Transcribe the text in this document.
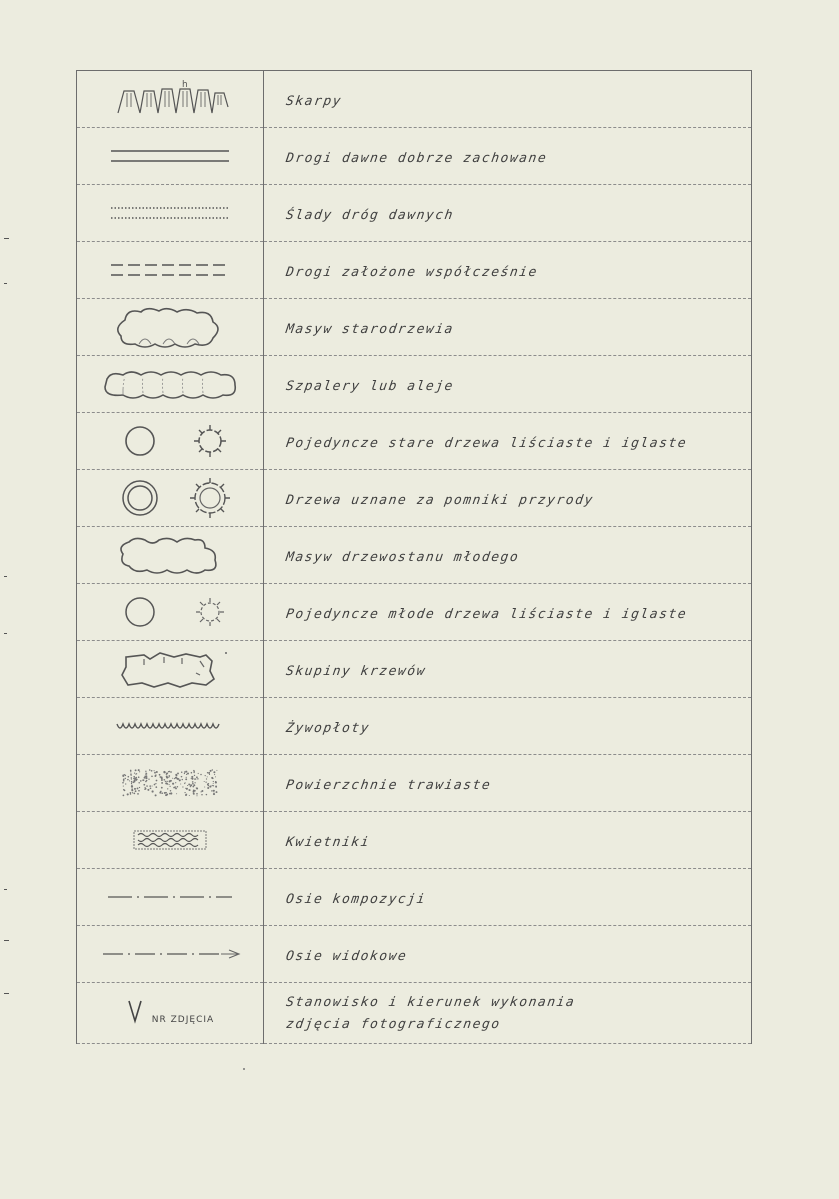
h	Skarpy

	Drogi dawne dobrze zachowane

	Ślady dróg dawnych

	Drogi założone współcześnie

	Masyw starodrzewia

	Szpalery lub aleje

	Pojedyncze stare drzewa liściaste i iglaste

	Drzewa uznane za pomniki przyrody

	Masyw drzewostanu młodego

	Pojedyncze młode drzewa liściaste i iglaste

	Skupiny krzewów

	Żywopłoty

	Powierzchnie trawiaste

	Kwietniki

	Osie kompozycji

	Osie widokowe

NR ZDJĘCIA	Stanowisko i kierunek wykonania
zdjęcia fotograficznego
